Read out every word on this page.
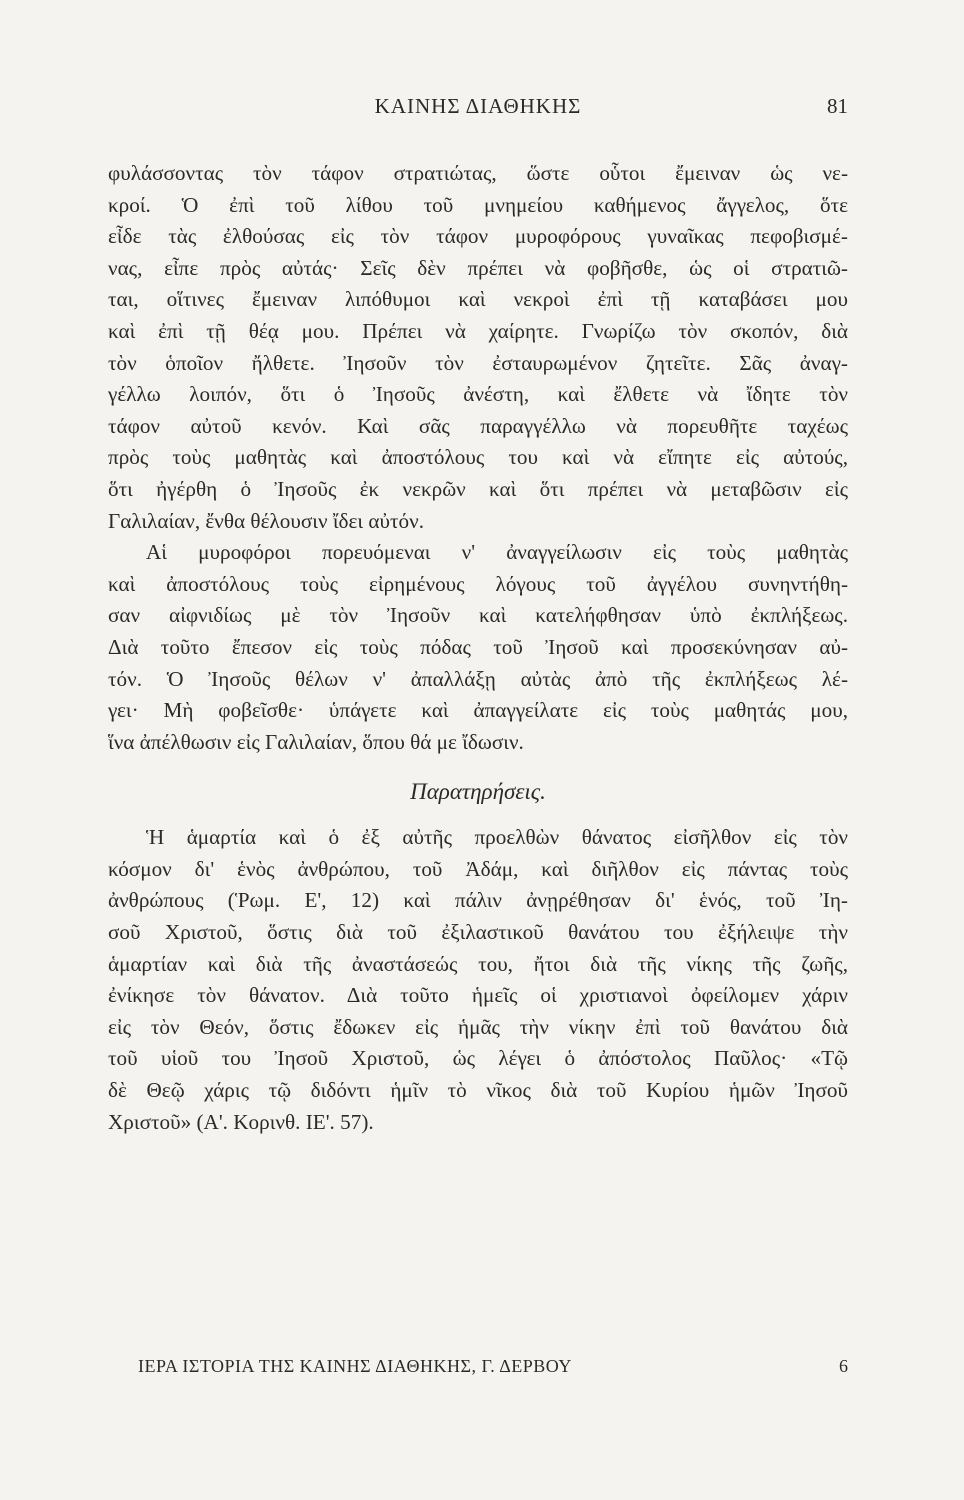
ΚΑΙΝΗΣ ΔΙΑΘΗΚΗΣ	81
φυλάσσοντας τὸν τάφον στρατιώτας, ὥστε οὗτοι ἔμειναν ὡς νε-
κροί. Ὁ ἐπὶ τοῦ λίθου τοῦ μνημείου καθήμενος ἄγγελος, ὅτε
εἶδε τὰς ἐλθούσας εἰς τὸν τάφον μυροφόρους γυναῖκας πεφοβισμέ-
νας, εἶπε πρὸς αὐτάς· Σεῖς δὲν πρέπει νὰ φοβῆσθε, ὡς οἱ στρατιῶ-
ται, οἵτινες ἔμειναν λιπόθυμοι καὶ νεκροὶ ἐπὶ τῇ καταβάσει μου
καὶ ἐπὶ τῇ θέᾳ μου. Πρέπει νὰ χαίρητε. Γνωρίζω τὸν σκοπόν, διὰ
τὸν ὁποῖον ἤλθετε. Ἰησοῦν τὸν ἐσταυρωμένον ζητεῖτε. Σᾶς ἀναγ-
γέλλω λοιπόν, ὅτι ὁ Ἰησοῦς ἀνέστη, καὶ ἔλθετε νὰ ἴδητε τὸν
τάφον αὐτοῦ κενόν. Καὶ σᾶς παραγγέλλω νὰ πορευθῆτε ταχέως
πρὸς τοὺς μαθητὰς καὶ ἀποστόλους του καὶ νὰ εἴπητε εἰς αὐτούς,
ὅτι ἠγέρθη ὁ Ἰησοῦς ἐκ νεκρῶν καὶ ὅτι πρέπει νὰ μεταβῶσιν εἰς
Γαλιλαίαν, ἔνθα θέλουσιν ἴδει αὐτόν.
Αἱ μυροφόροι πορευόμεναι ν' ἀναγγείλωσιν εἰς τοὺς μαθητὰς
καὶ ἀποστόλους τοὺς εἰρημένους λόγους τοῦ ἀγγέλου συνηντήθη-
σαν αἰφνιδίως μὲ τὸν Ἰησοῦν καὶ κατελήφθησαν ὑπὸ ἐκπλήξεως.
Διὰ τοῦτο ἔπεσον εἰς τοὺς πόδας τοῦ Ἰησοῦ καὶ προσεκύνησαν αὐ-
τόν. Ὁ Ἰησοῦς θέλων ν' ἀπαλλάξῃ αὐτὰς ἀπὸ τῆς ἐκπλήξεως λέ-
γει· Μὴ φοβεῖσθε· ὑπάγετε καὶ ἀπαγγείλατε εἰς τοὺς μαθητάς μου,
ἵνα ἀπέλθωσιν εἰς Γαλιλαίαν, ὅπου θά με ἴδωσιν.
Παρατηρήσεις.
Ἡ ἁμαρτία καὶ ὁ ἐξ αὐτῆς προελθὼν θάνατος εἰσῆλθον εἰς τὸν
κόσμον δι' ἑνὸς ἀνθρώπου, τοῦ Ἀδάμ, καὶ διῆλθον εἰς πάντας τοὺς
ἀνθρώπους (Ῥωμ. Ε', 12) καὶ πάλιν ἀνῃρέθησαν δι' ἑνός, τοῦ Ἰη-
σοῦ Χριστοῦ, ὅστις διὰ τοῦ ἐξιλαστικοῦ θανάτου του ἐξήλειψε τὴν
ἁμαρτίαν καὶ διὰ τῆς ἀναστάσεώς του, ἤτοι διὰ τῆς νίκης τῆς ζωῆς,
ἐνίκησε τὸν θάνατον. Διὰ τοῦτο ἡμεῖς οἱ χριστιανοὶ ὀφείλομεν χάριν
εἰς τὸν Θεόν, ὅστις ἔδωκεν εἰς ἡμᾶς τὴν νίκην ἐπὶ τοῦ θανάτου διὰ
τοῦ υἱοῦ του Ἰησοῦ Χριστοῦ, ὡς λέγει ὁ ἀπόστολος Παῦλος· «Τῷ
δὲ Θεῷ χάρις τῷ διδόντι ἡμῖν τὸ νῖκος διὰ τοῦ Κυρίου ἡμῶν Ἰησοῦ
Χριστοῦ» (Α'. Κορινθ. ΙΕ'. 57).
ΙΕΡΑ ΙΣΤΟΡΙΑ ΤΗΣ ΚΑΙΝΗΣ ΔΙΑΘΗΚΗΣ, Γ. ΔΕΡΒΟΥ	6
